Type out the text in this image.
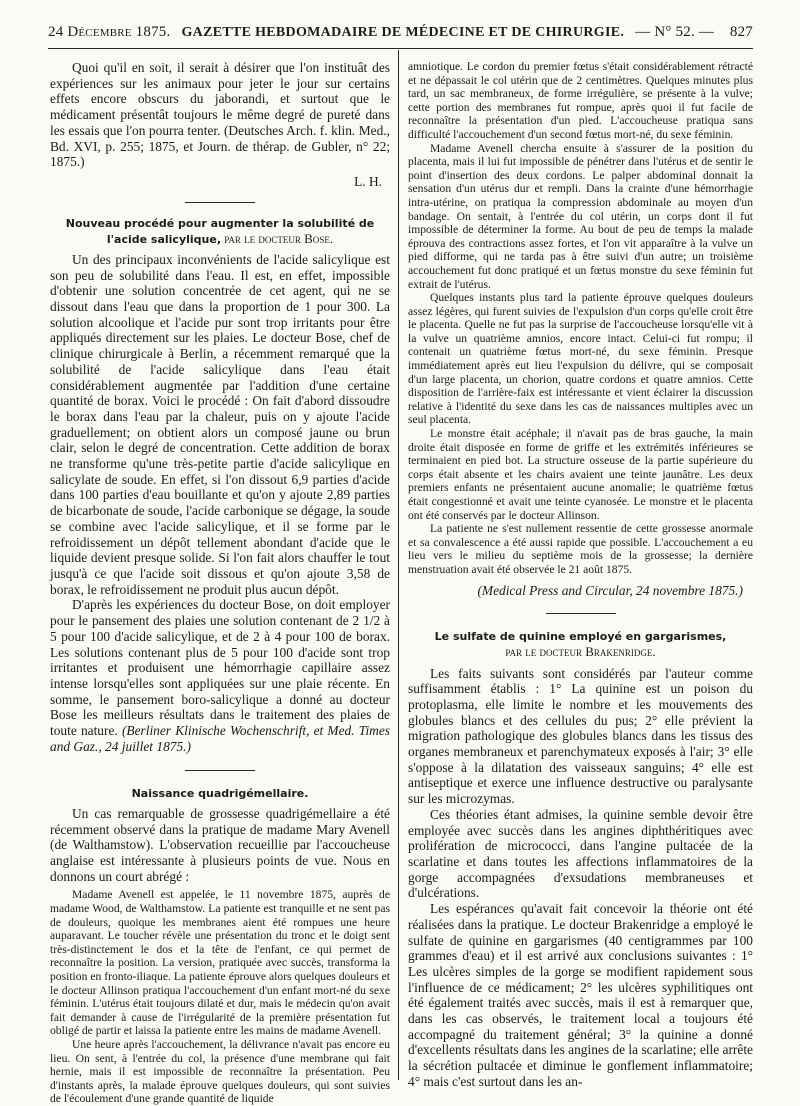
24 Décembre 1875. GAZETTE HEBDOMADAIRE DE MÉDECINE ET DE CHIRURGIE. — N° 52. — 827

Quoi qu'il en soit, il serait à désirer que l'on instituât des expériences sur les animaux pour jeter le jour sur certains effets encore obscurs du jaborandi, et surtout que le médicament présentât toujours le même degré de pureté dans les essais que l'on pourra tenter. (Deutsches Arch. f. klin. Med., Bd. XVI, p. 255; 1875, et Journ. de thérap. de Gubler, n° 22; 1875.)

L. H.
Nouveau procédé pour augmenter la solubilité de l'acide salicylique, par le docteur Bose.

Un des principaux inconvénients de l'acide salicylique est son peu de solubilité dans l'eau. Il est, en effet, impossible d'obtenir une solution concentrée de cet agent, qui ne se dissout dans l'eau que dans la proportion de 1 pour 300. La solution alcoolique et l'acide pur sont trop irritants pour être appliqués directement sur les plaies. Le docteur Bose, chef de clinique chirurgicale à Berlin, a récemment remarqué que la solubilité de l'acide salicylique dans l'eau était considérablement augmentée par l'addition d'une certaine quantité de borax. Voici le procédé : On fait d'abord dissoudre le borax dans l'eau par la chaleur, puis on y ajoute l'acide graduellement; on obtient alors un composé jaune ou brun clair, selon le degré de concentration. Cette addition de borax ne transforme qu'une très-petite partie d'acide salicylique en salicylate de soude. En effet, si l'on dissout 6,9 parties d'acide dans 100 parties d'eau bouillante et qu'on y ajoute 2,89 parties de bicarbonate de soude, l'acide carbonique se dégage, la soude se combine avec l'acide salicylique, et il se forme par le refroidissement un dépôt tellement abondant d'acide que le liquide devient presque solide. Si l'on fait alors chauffer le tout jusqu'à ce que l'acide soit dissous et qu'on ajoute 3,58 de borax, le refroidissement ne produit plus aucun dépôt.

D'après les expériences du docteur Bose, on doit employer pour le pansement des plaies une solution contenant de 2 1/2 à 5 pour 100 d'acide salicylique, et de 2 à 4 pour 100 de borax. Les solutions contenant plus de 5 pour 100 d'acide sont trop irritantes et produisent une hémorrhagie capillaire assez intense lorsqu'elles sont appliquées sur une plaie récente. En somme, le pansement boro-salicylique a donné au docteur Bose les meilleurs résultats dans le traitement des plaies de toute nature. (Berliner Klinische Wochenschrift, et Med. Times and Gaz., 24 juillet 1875.)

Naissance quadrigémellaire.

Un cas remarquable de grossesse quadrigémellaire a été récemment observé dans la pratique de madame Mary Avenell (de Walthamstow). L'observation recueillie par l'accoucheuse anglaise est intéressante à plusieurs points de vue. Nous en donnons un court abrégé :

Madame Avenell est appelée, le 11 novembre 1875, auprès de madame Wood, de Walthamstow. La patiente est tranquille et ne sent pas de douleurs, quoique les membranes aient été rompues une heure auparavant. Le toucher révèle une présentation du tronc et le doigt sent très-distinctement le dos et la tête de l'enfant, ce qui permet de reconnaître la position. La version, pratiquée avec succès, transforma la position en fronto-iliaque. La patiente éprouve alors quelques douleurs et le docteur Allinson pratiqua l'accouchement d'un enfant mort-né du sexe féminin. L'utérus était toujours dilaté et dur, mais le médecin qu'on avait fait demander à cause de l'irrégularité de la première présentation fut obligé de partir et laissa la patiente entre les mains de madame Avenell.

Une heure après l'accouchement, la délivrance n'avait pas encore eu lieu. On sent, à l'entrée du col, la présence d'une membrane qui fait hernie, mais il est impossible de reconnaître la présentation. Peu d'instants après, la malade éprouve quelques douleurs, qui sont suivies de l'écoulement d'une grande quantité de liquide

amniotique. Le cordon du premier fœtus s'était considérablement rétracté et ne dépassait le col utérin que de 2 centimètres. Quelques minutes plus tard, un sac membraneux, de forme irrégulière, se présente à la vulve; cette portion des membranes fut rompue, après quoi il fut facile de reconnaître la présentation d'un pied. L'accoucheuse pratiqua sans difficulté l'accouchement d'un second fœtus mort-né, du sexe féminin.

Madame Avenell chercha ensuite à s'assurer de la position du placenta, mais il lui fut impossible de pénétrer dans l'utérus et de sentir le point d'insertion des deux cordons. Le palper abdominal donnait la sensation d'un utérus dur et rempli. Dans la crainte d'une hémorrhagie intra-utérine, on pratiqua la compression abdominale au moyen d'un bandage. On sentait, à l'entrée du col utérin, un corps dont il fut impossible de déterminer la forme. Au bout de peu de temps la malade éprouva des contractions assez fortes, et l'on vit apparaître à la vulve un pied difforme, qui ne tarda pas à être suivi d'un autre; un troisième accouchement fut donc pratiqué et un fœtus monstre du sexe féminin fut extrait de l'utérus.

Quelques instants plus tard la patiente éprouve quelques douleurs assez légères, qui furent suivies de l'expulsion d'un corps qu'elle croit être le placenta. Quelle ne fut pas la surprise de l'accoucheuse lorsqu'elle vit à la vulve un quatrième amnios, encore intact. Celui-ci fut rompu; il contenait un quatrième fœtus mort-né, du sexe féminin. Presque immédiatement après eut lieu l'expulsion du délivre, qui se composait d'un large placenta, un chorion, quatre cordons et quatre amnios. Cette disposition de l'arrière-faix est intéressante et vient éclairer la discussion relative à l'identité du sexe dans les cas de naissances multiples avec un seul placenta.

Le monstre était acéphale; il n'avait pas de bras gauche, la main droite était disposée en forme de griffe et les extrémités inférieures se terminaient en pied bot. La structure osseuse de la partie supérieure du corps était absente et les chairs avaient une teinte jaunâtre. Les deux premiers enfants ne présentaient aucune anomalie; le quatrième fœtus était congestionné et avait une teinte cyanosée. Le monstre et le placenta ont été conservés par le docteur Allinson.

La patiente ne s'est nullement ressentie de cette grossesse anormale et sa convalescence a été aussi rapide que possible. L'accouchement a eu lieu vers le milieu du septième mois de la grossesse; la dernière menstruation avait été observée le 21 août 1875.

(Medical Press and Circular, 24 novembre 1875.)
Le sulfate de quinine employé en gargarismes,
par le docteur Brakenridge.

Les faits suivants sont considérés par l'auteur comme suffisamment établis : 1° La quinine est un poison du protoplasma, elle limite le nombre et les mouvements des globules blancs et des cellules du pus; 2° elle prévient la migration pathologique des globules blancs dans les tissus des organes membraneux et parenchymateux exposés à l'air; 3° elle s'oppose à la dilatation des vaisseaux sanguins; 4° elle est antiseptique et exerce une influence destructive ou paralysante sur les microzymas.

Ces théories étant admises, la quinine semble devoir être employée avec succès dans les angines diphthéritiques avec prolifération de micrococci, dans l'angine pultacée de la scarlatine et dans toutes les affections inflammatoires de la gorge accompagnées d'exsudations membraneuses et d'ulcérations.

Les espérances qu'avait fait concevoir la théorie ont été réalisées dans la pratique. Le docteur Brakenridge a employé le sulfate de quinine en gargarismes (40 centigrammes par 100 grammes d'eau) et il est arrivé aux conclusions suivantes : 1° Les ulcères simples de la gorge se modifient rapidement sous l'influence de ce médicament; 2° les ulcères syphilitiques ont été également traités avec succès, mais il est à remarquer que, dans les cas observés, le traitement local a toujours été accompagné du traitement général; 3° la quinine a donné d'excellents résultats dans les angines de la scarlatine; elle arrête la sécrétion pultacée et diminue le gonflement inflammatoire; 4° mais c'est surtout dans les an-
